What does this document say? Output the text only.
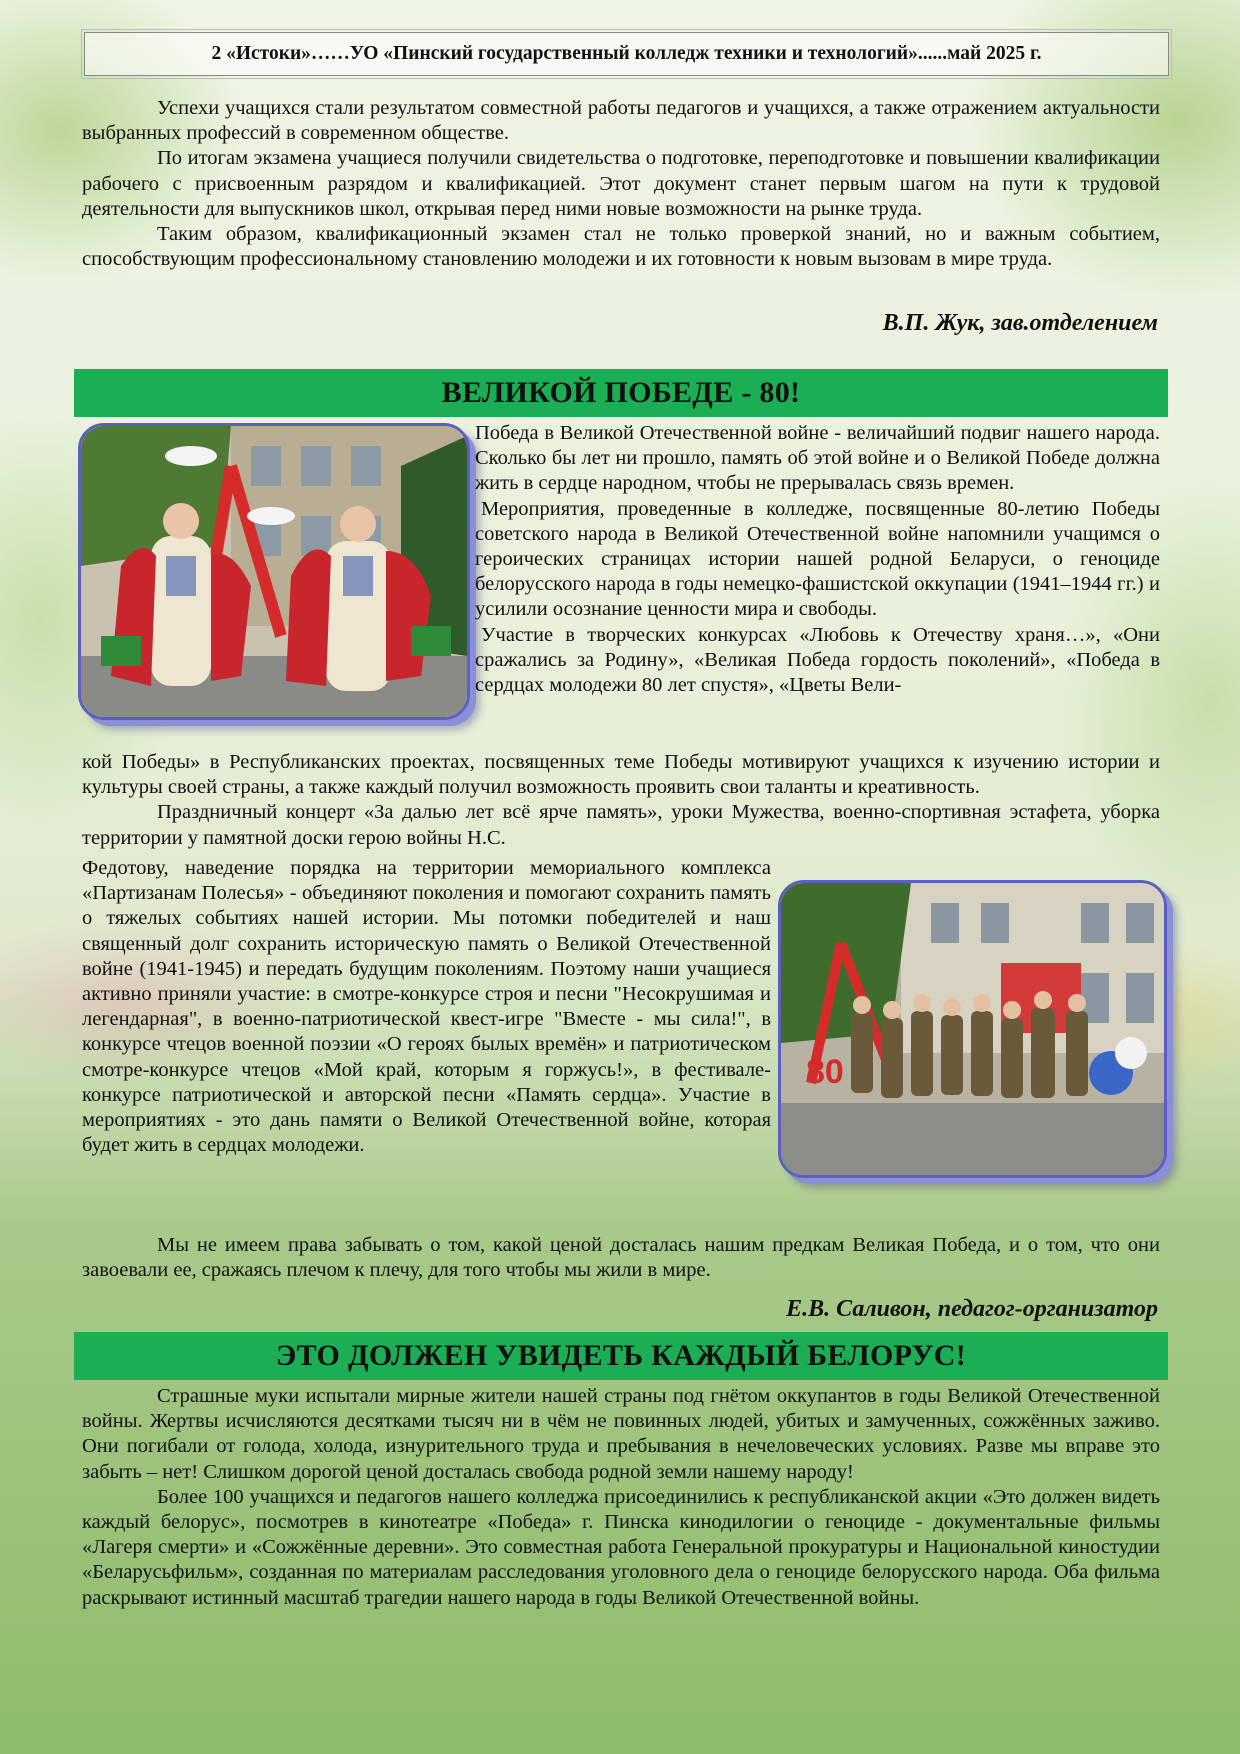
2 «Истоки»……УО «Пинский государственный колледж техники и технологий»......май 2025 г.

Успехи учащихся стали результатом совместной работы педагогов и учащихся, а также отражением актуальности выбранных профессий в современном обществе.

По итогам экзамена учащиеся получили свидетельства о подготовке, переподготовке и повышении квалификации рабочего с присвоенным разрядом и квалификацией. Этот документ станет первым шагом на пути к трудовой деятельности для выпускников школ, открывая перед ними новые возможности на рынке труда.

Таким образом, квалификационный экзамен стал не только проверкой знаний, но и важным событием, способствующим профессиональному становлению молодежи и их готовности к новым вызовам в мире труда.

В.П. Жук, зав.отделением
ВЕЛИКОЙ ПОБЕДЕ - 80!

Победа в Великой Отечественной войне - величайший подвиг нашего народа. Сколько бы лет ни прошло, память об этой войне и о Великой Победе должна жить в сердце народном, чтобы не прерывалась связь времен.

Мероприятия, проведенные в колледже, посвященные 80-летию Победы советского народа в Великой Отечественной войне напомнили учащимся о героических страницах истории нашей родной Беларуси, о геноциде белорусского народа в годы немецко-фашистской оккупации (1941–1944 гг.) и усилили осознание ценности мира и свободы.

Участие в творческих конкурсах «Любовь к Отечеству храня…», «Они сражались за Родину», «Великая Победа гордость поколений», «Победа в сердцах молодежи 80 лет спустя», «Цветы Вели-

кой Победы» в Республиканских проектах, посвященных теме Победы мотивируют учащихся к изучению истории и культуры своей страны, а также каждый получил возможность проявить свои таланты и креативность.

Праздничный концерт «За далью лет всё ярче память», уроки Мужества, военно-спортивная эстафета, уборка территории у памятной доски герою войны Н.С.

80

Федотову, наведение порядка на территории мемориального комплекса «Партизанам Полесья» - объединяют поколения и помогают сохранить память о тяжелых событиях нашей истории. Мы потомки победителей и наш священный долг сохранить историческую память о Великой Отечественной войне (1941-1945) и передать будущим поколениям. Поэтому наши учащиеся активно приняли участие: в смотре-конкурсе строя и песни "Несокрушимая и легендарная", в военно-патриотической квест-игре "Вместе - мы сила!", в конкурсе чтецов военной поэзии «О героях былых времён» и патриотическом смотре-конкурсе чтецов «Мой край, которым я горжусь!», в фестивале-конкурсе патриотической и авторской песни «Память сердца». Участие в мероприятиях - это дань памяти о Великой Отечественной войне, которая будет жить в сердцах молодежи.

Мы не имеем права забывать о том, какой ценой досталась нашим предкам Великая Победа, и о том, что они завоевали ее, сражаясь плечом к плечу, для того чтобы мы жили в мире.

Е.В. Саливон, педагог-организатор
ЭТО ДОЛЖЕН УВИДЕТЬ КАЖДЫЙ БЕЛОРУС!

Страшные муки испытали мирные жители нашей страны под гнётом оккупантов в годы Великой Отечественной войны. Жертвы исчисляются десятками тысяч ни в чём не повинных людей, убитых и замученных, сожжённых заживо. Они погибали от голода, холода, изнурительного труда и пребывания в нечеловеческих условиях. Разве мы вправе это забыть – нет! Слишком дорогой ценой досталась свобода родной земли нашему народу!

Более 100 учащихся и педагогов нашего колледжа присоединились к республиканской акции «Это должен видеть каждый белорус», посмотрев в кинотеатре «Победа» г. Пинска кинодилогии о геноциде - документальные фильмы «Лагеря смерти» и «Сожжённые деревни». Это совместная работа Генеральной прокуратуры и Национальной киностудии «Беларусьфильм», созданная по материалам расследования уголовного дела о геноциде белорусского народа. Оба фильма раскрывают истинный масштаб трагедии нашего народа в годы Великой Отечественной войны.
